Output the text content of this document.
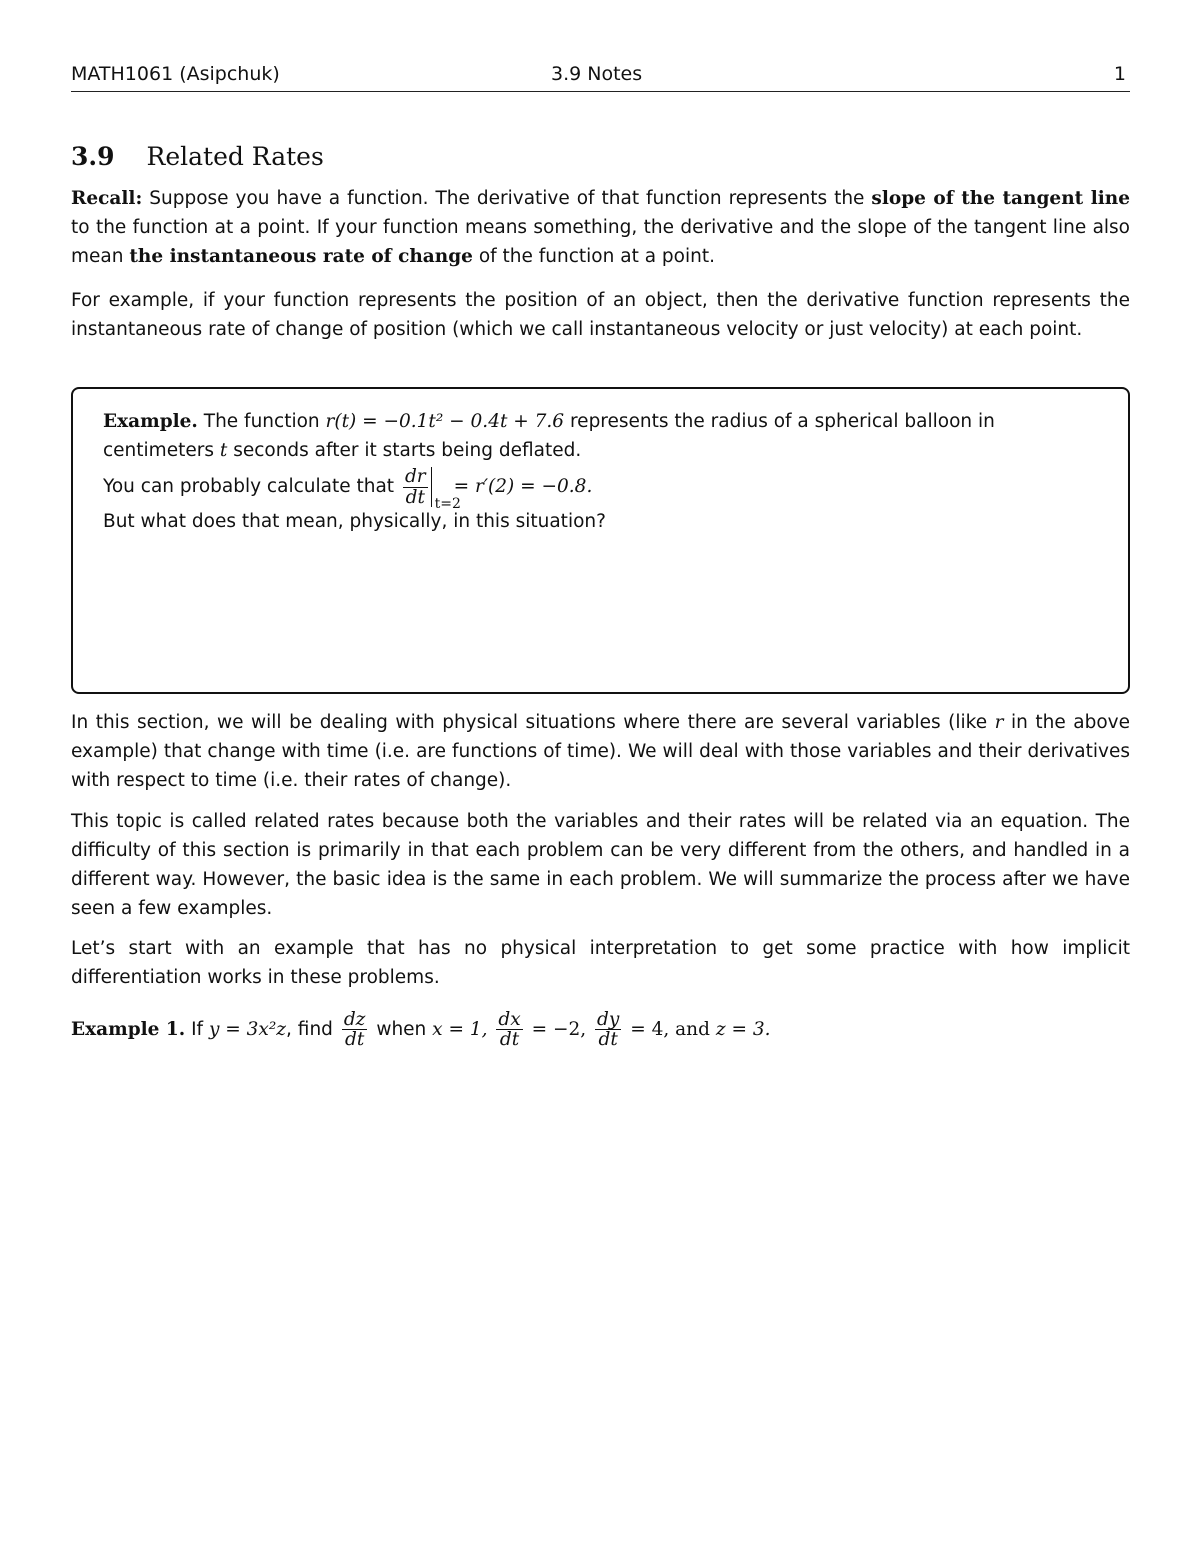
MATH1061 (Asipchuk)	3.9 Notes	1
3.9 Related Rates

Recall: Suppose you have a function. The derivative of that function represents the slope of the tangent line to the function at a point. If your function means something, the derivative and the slope of the tangent line also mean the instantaneous rate of change of the function at a point.

For example, if your function represents the position of an object, then the derivative function represents the instantaneous rate of change of position (which we call instantaneous velocity or just velocity) at each point.

Example. The function r(t) = −0.1t² − 0.4t + 7.6 represents the radius of a spherical balloon in centimeters t seconds after it starts being deflated.
You can probably calculate that $\frac{dr}{dt} t=2$
= r′(2) = −0.8.
But what does that mean, physically, in this situation?

In this section, we will be dealing with physical situations where there are several variables (like r in the above example) that change with time (i.e. are functions of time). We will deal with those variables and their derivatives with respect to time (i.e. their rates of change).

This topic is called related rates because both the variables and their rates will be related via an equation. The difficulty of this section is primarily in that each problem can be very different from the others, and handled in a different way. However, the basic idea is the same in each problem. We will summarize the process after we have seen a few examples.

Let’s start with an example that has no physical interpretation to get some practice with how implicit differentiation works in these problems.

Example 1. If y = 3x²z, find $\frac{dz}{dt}$ when x = 1, $\frac{dx}{dt} = -2$, $\frac{dy}{dt} = 4$, and z = 3.
